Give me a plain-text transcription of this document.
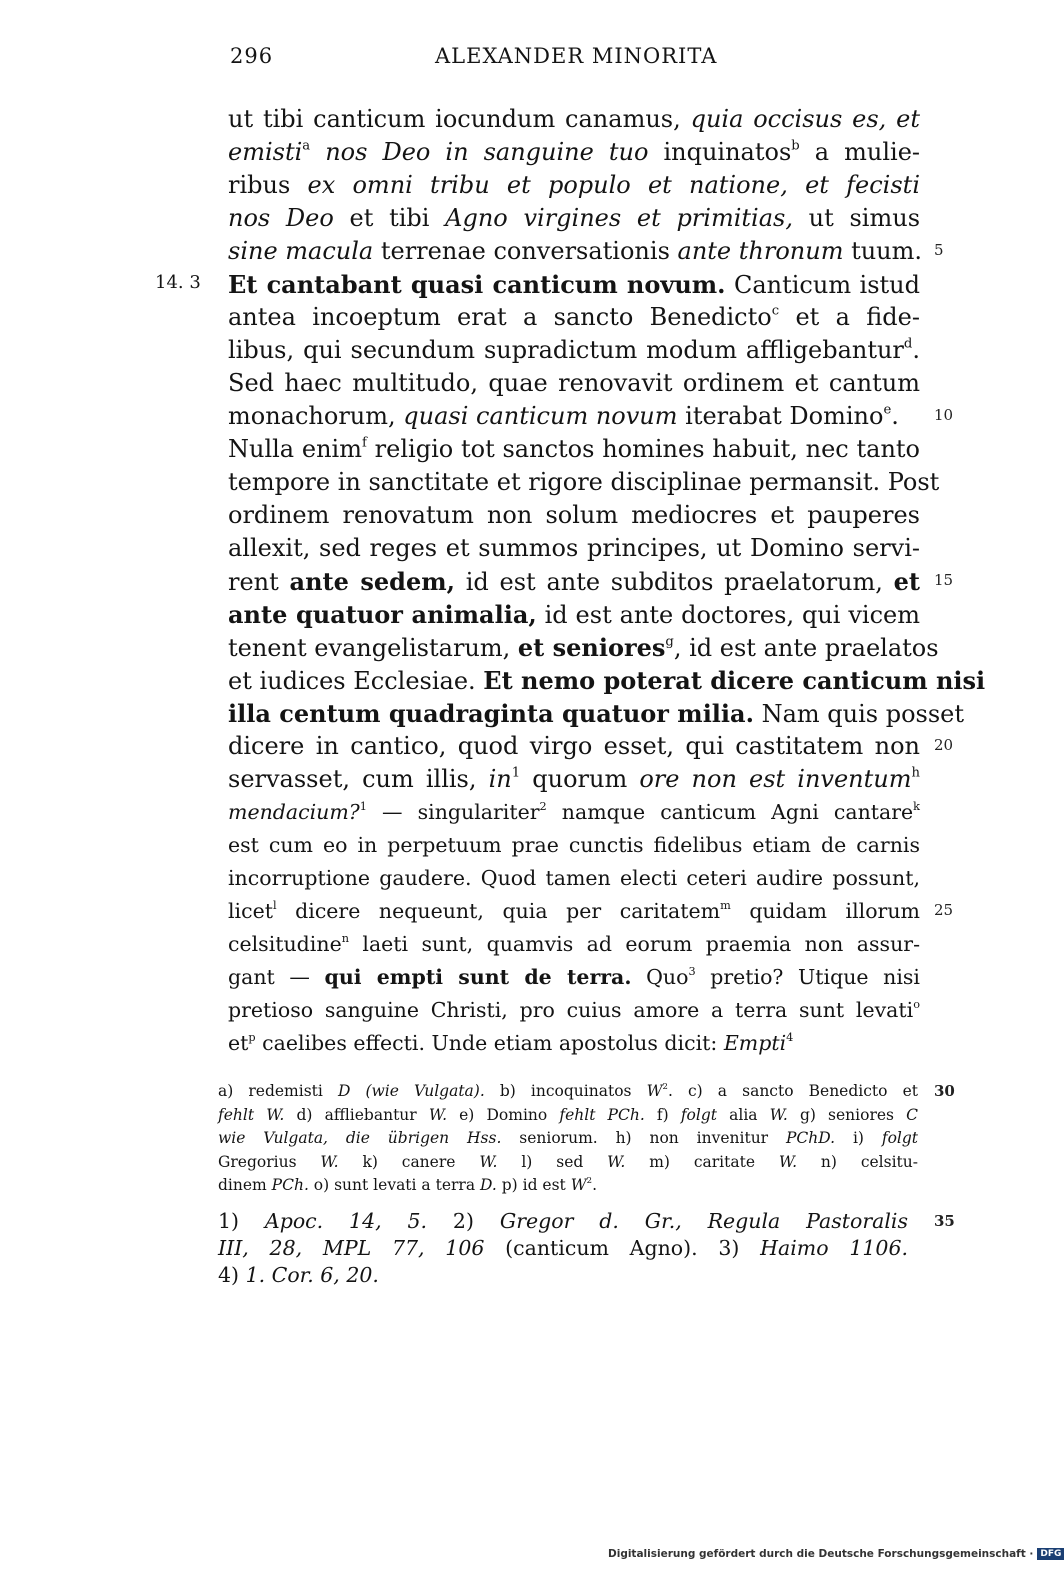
296	ALEXANDER MINORITA
14. 3
ut tibi canticum iocundum canamus, quia occisus es, et
emisti$^a$ nos Deo in sanguine tuo inquinatos$^b$ a mulie-
ribus ex omni tribu et populo et natione, et fecisti
nos Deo et tibi Agno virgines et primitias, ut simus
sine macula terrenae conversationis ante thronum tuum.
Et cantabant quasi canticum novum. Canticum istud
antea incoeptum erat a sancto Benedicto$^c$ et a fide-
libus, qui secundum supradictum modum affligebantur$^d$.
Sed haec multitudo, quae renovavit ordinem et cantum
monachorum, quasi canticum novum iterabat Domino$^e$.
Nulla enim$^f$ religio tot sanctos homines habuit, nec tanto
tempore in sanctitate et rigore disciplinae permansit. Post
ordinem renovatum non solum mediocres et pauperes
allexit, sed reges et summos principes, ut Domino servi-
rent ante sedem, id est ante subditos praelatorum, et
ante quatuor animalia, id est ante doctores, qui vicem
tenent evangelistarum, et seniores$^g$, id est ante praelatos
et iudices Ecclesiae. Et nemo poterat dicere canticum nisi
illa centum quadraginta quatuor milia. Nam quis posset
dicere in cantico, quod virgo esset, qui castitatem non
servasset, cum illis, $in^1$ quorum ore non est inventum$^h$
mendacium?$^1$ — singulariter$^2$ namque canticum Agni cantare$^k$
est cum eo in perpetuum prae cunctis fidelibus etiam de carnis
incorruptione gaudere. Quod tamen electi ceteri audire possunt,
licet$^l$ dicere nequeunt, quia per caritatem$^m$ quidam illorum
celsitudine$^n$ laeti sunt, quamvis ad eorum praemia non assur-
gant — qui empti sunt de terra. Quo$^3$ pretio? Utique nisi
pretioso sanguine Christi, pro cuius amore a terra sunt levati$^o$
$et^p$ caelibes effecti. Unde etiam apostolus dicit: Empti$^4$
a) redemisti D (wie Vulgata). b) incoquinatos $W^2$. c) a sancto Benedicto et
fehlt W. d) affliebantur W. e) Domino fehlt PCh. f) folgt alia W. g) seniores C
wie Vulgata, die übrigen Hss. seniorum. h) non invenitur PChD. i) folgt
Gregorius W. k) canere W. l) sed W. m) caritate W. n) celsitu-
dinem PCh. o) sunt levati a terra D. p) id est $W^2$.
1) Apoc. 14, 5. 2) Gregor d. Gr., Regula Pastoralis
III, 28, MPL 77, 106 (canticum Agno). 3) Haimo 1106.
4) 1. Cor. 6, 20.
5
10
15
20
25
30
35
Digitalisierung gefördert durch die Deutsche Forschungsgemeinschaft · DFG
